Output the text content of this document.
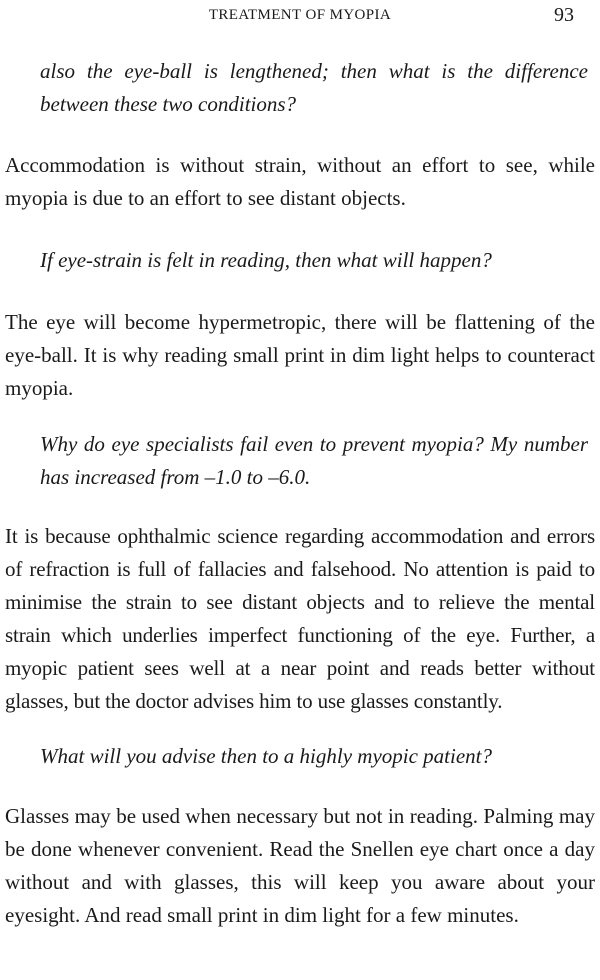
TREATMENT OF MYOPIA	93

also the eye-ball is lengthened; then what is the difference between these two conditions?

Accommodation is without strain, without an effort to see, while myopia is due to an effort to see distant objects.

If eye-strain is felt in reading, then what will happen?

The eye will become hypermetropic, there will be flattening of the eye-ball. It is why reading small print in dim light helps to counteract myopia.

Why do eye specialists fail even to prevent myopia? My number has increased from –1.0 to –6.0.

It is because ophthalmic science regarding accommodation and errors of refraction is full of fallacies and falsehood. No attention is paid to minimise the strain to see distant objects and to relieve the mental strain which underlies imperfect functioning of the eye. Further, a myopic patient sees well at a near point and reads better without glasses, but the doctor advises him to use glasses constantly.

What will you advise then to a highly myopic patient?

Glasses may be used when necessary but not in reading. Palming may be done whenever convenient. Read the Snellen eye chart once a day without and with glasses, this will keep you aware about your eyesight. And read small print in dim light for a few minutes.
